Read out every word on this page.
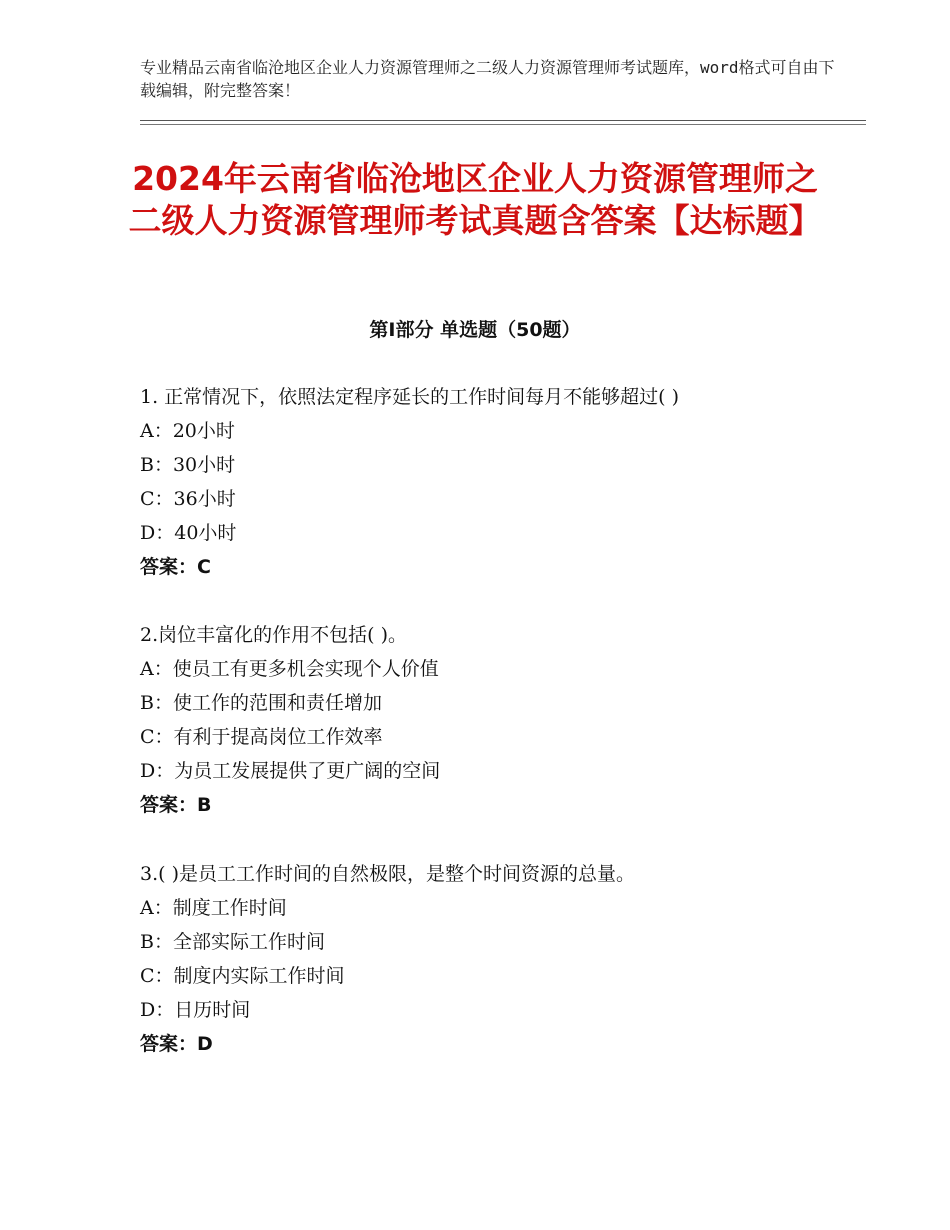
专业精品云南省临沧地区企业人力资源管理师之二级人力资源管理师考试题库，word格式可自由下载编辑，附完整答案！
2024年云南省临沧地区企业人力资源管理师之二级人力资源管理师考试真题含答案【达标题】
第Ⅰ部分 单选题（50题）
1. 正常情况下，依照法定程序延长的工作时间每月不能够超过( )
A：20小时
B：30小时
C：36小时
D：40小时
答案：C
2.岗位丰富化的作用不包括( )。
A：使员工有更多机会实现个人价值
B：使工作的范围和责任增加
C：有利于提高岗位工作效率
D：为员工发展提供了更广阔的空间
答案：B
3.( )是员工工作时间的自然极限，是整个时间资源的总量。
A：制度工作时间
B：全部实际工作时间
C：制度内实际工作时间
D：日历时间
答案：D
